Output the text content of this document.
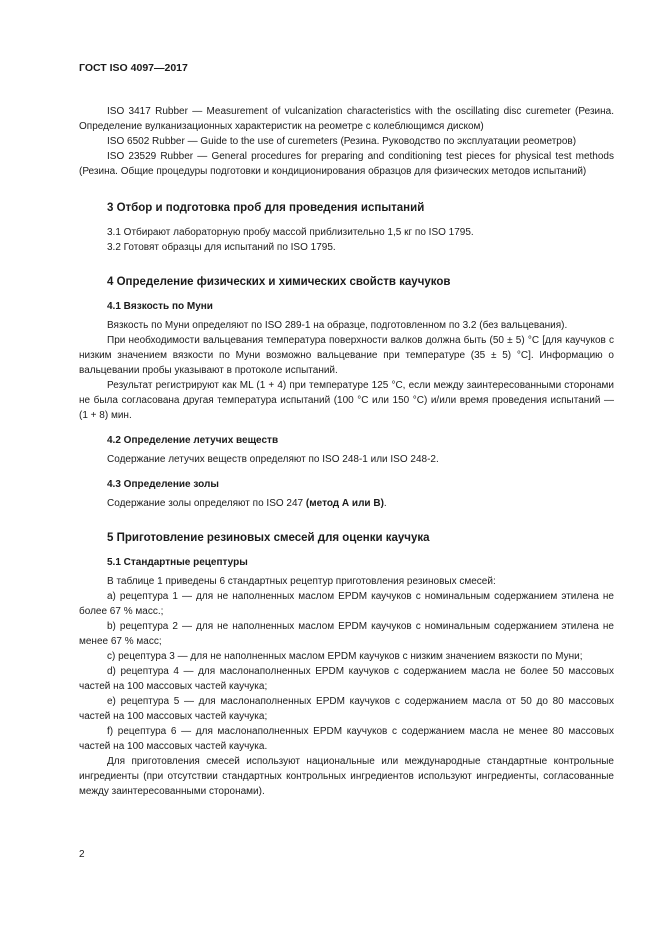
ГОСТ ISO 4097—2017

ISO 3417 Rubber — Measurement of vulcanization characteristics with the oscillating disc curemeter (Резина. Определение вулканизационных характеристик на реометре с колеблющимся диском)

ISO 6502 Rubber — Guide to the use of curemeters (Резина. Руководство по эксплуатации реометров)

ISO 23529 Rubber — General procedures for preparing and conditioning test pieces for physical test methods (Резина. Общие процедуры подготовки и кондиционирования образцов для физических методов испытаний)

3 Отбор и подготовка проб для проведения испытаний

3.1 Отбирают лабораторную пробу массой приблизительно 1,5 кг по ISO 1795.

3.2 Готовят образцы для испытаний по ISO 1795.

4 Определение физических и химических свойств каучуков
4.1 Вязкость по Муни

Вязкость по Муни определяют по ISO 289-1 на образце, подготовленном по 3.2 (без вальцевания).

При необходимости вальцевания температура поверхности валков должна быть (50 ± 5) °С [для каучуков с низким значением вязкости по Муни возможно вальцевание при температуре (35 ± 5) °С]. Информацию о вальцевании пробы указывают в протоколе испытаний.

Результат регистрируют как ML (1 + 4) при температуре 125 °С, если между заинтересованными сторонами не была согласована другая температура испытаний (100 °С или 150 °С) и/или время проведения испытаний — (1 + 8) мин.

4.2 Определение летучих веществ

Содержание летучих веществ определяют по ISO 248-1 или ISO 248-2.

4.3 Определение золы

Содержание золы определяют по ISO 247 (метод А или В).

5 Приготовление резиновых смесей для оценки каучука
5.1 Стандартные рецептуры

В таблице 1 приведены 6 стандартных рецептур приготовления резиновых смесей:

а) рецептура 1 — для не наполненных маслом EPDM каучуков с номинальным содержанием этилена не более 67 % масс.;

b) рецептура 2 — для не наполненных маслом EPDM каучуков с номинальным содержанием этилена не менее 67 % масс;

с) рецептура 3 — для не наполненных маслом EPDM каучуков с низким значением вязкости по Муни;

d) рецептура 4 — для маслонаполненных EPDM каучуков с содержанием масла не более 50 массовых частей на 100 массовых частей каучука;

е) рецептура 5 — для маслонаполненных EPDM каучуков с содержанием масла от 50 до 80 массовых частей на 100 массовых частей каучука;

f) рецептура 6 — для маслонаполненных EPDM каучуков с содержанием масла не менее 80 массовых частей на 100 массовых частей каучука.

Для приготовления смесей используют национальные или международные стандартные контрольные ингредиенты (при отсутствии стандартных контрольных ингредиентов используют ингредиенты, согласованные между заинтересованными сторонами).

2
